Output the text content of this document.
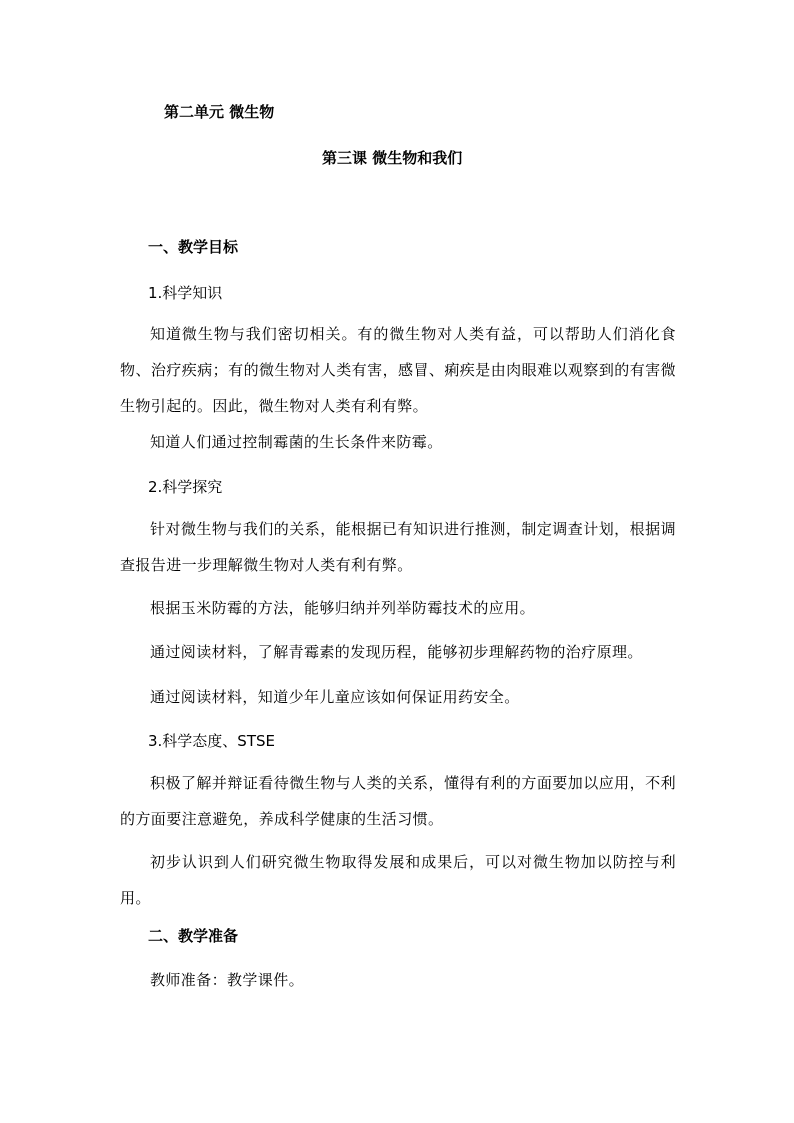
第二单元 微生物
第三课 微生物和我们
一、教学目标
1.科学知识
知道微生物与我们密切相关。有的微生物对人类有益，可以帮助人们消化食物、治疗疾病；有的微生物对人类有害，感冒、痢疾是由肉眼难以观察到的有害微生物引起的。因此，微生物对人类有利有弊。
知道人们通过控制霉菌的生长条件来防霉。
2.科学探究
针对微生物与我们的关系，能根据已有知识进行推测，制定调查计划，根据调查报告进一步理解微生物对人类有利有弊。
根据玉米防霉的方法，能够归纳并列举防霉技术的应用。
通过阅读材料，了解青霉素的发现历程，能够初步理解药物的治疗原理。
通过阅读材料，知道少年儿童应该如何保证用药安全。
3.科学态度、STSE
积极了解并辩证看待微生物与人类的关系，懂得有利的方面要加以应用，不利的方面要注意避免，养成科学健康的生活习惯。
初步认识到人们研究微生物取得发展和成果后，可以对微生物加以防控与利用。
二、教学准备
教师准备：教学课件。
